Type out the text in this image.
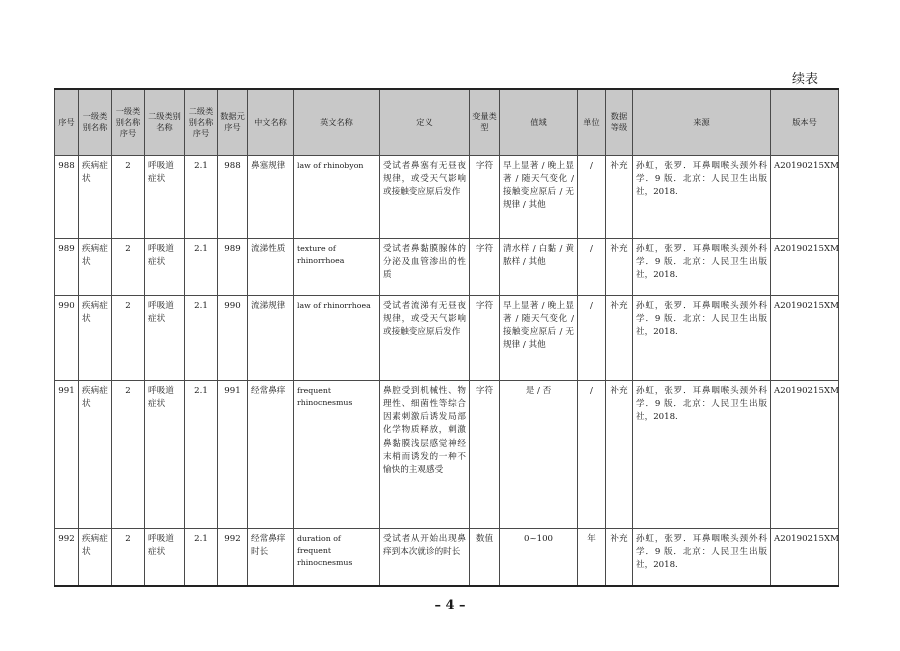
续表
序号	一级类别名称	一级类别名称序号	二级类别名称	二级类别名称序号	数据元序号	中文名称	英文名称	定义	变量类型	值域	单位	数据等级	来源	版本号
988	疾病症状	2	呼吸道症状	2.1	988	鼻塞规律	law of rhinobyon	受试者鼻塞有无昼夜规律，或受天气影响或接触变应原后发作	字符	早上显著 / 晚上显著 / 随天气变化 / 接触变应原后 / 无规律 / 其他	/	补充	孙虹，张罗．耳鼻咽喉头颈外科学．9 版．北京：人民卫生出版社，2018.	A20190215XM
989	疾病症状	2	呼吸道症状	2.1	989	流涕性质	texture of rhinorrhoea	受试者鼻黏膜腺体的分泌及血管渗出的性质	字符	清水样 / 白黏 / 黄脓样 / 其他	/	补充	孙虹，张罗．耳鼻咽喉头颈外科学．9 版．北京：人民卫生出版社，2018.	A20190215XM
990	疾病症状	2	呼吸道症状	2.1	990	流涕规律	law of rhinorrhoea	受试者流涕有无昼夜规律，或受天气影响或接触变应原后发作	字符	早上显著 / 晚上显著 / 随天气变化 / 接触变应原后 / 无规律 / 其他	/	补充	孙虹，张罗．耳鼻咽喉头颈外科学．9 版．北京：人民卫生出版社，2018.	A20190215XM
991	疾病症状	2	呼吸道症状	2.1	991	经常鼻痒	frequent rhinocnesmus	鼻腔受到机械性、物理性、细菌性等综合因素刺激后诱发局部化学物质释放，刺激鼻黏膜浅层感觉神经末梢而诱发的一种不愉快的主观感受	字符	是 / 否	/	补充	孙虹，张罗．耳鼻咽喉头颈外科学．9 版．北京：人民卫生出版社，2018.	A20190215XM
992	疾病症状	2	呼吸道症状	2.1	992	经常鼻痒时长	duration of frequent rhinocnesmus	受试者从开始出现鼻痒到本次就诊的时长	数值	0~100	年	补充	孙虹，张罗．耳鼻咽喉头颈外科学．9 版．北京：人民卫生出版社，2018.	A20190215XM
– 4 –
